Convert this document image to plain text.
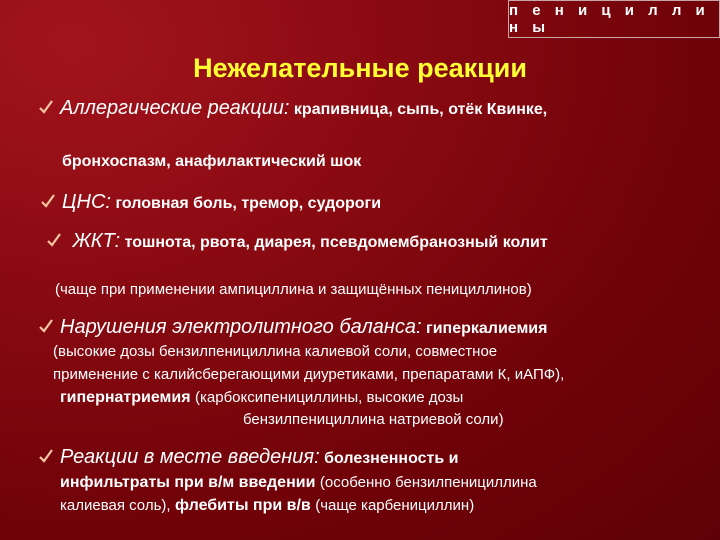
п е н и ц и л л и н ы
Нежелательные реакции
Аллергические реакции: крапивница, сыпь, отёк Квинке,
бронхоспазм, анафилактический шок
ЦНС: головная боль, тремор, судороги
ЖКТ: тошнота, рвота, диарея, псевдомембранозный колит
(чаще при применении ампициллина и защищённых пенициллинов)
Нарушения электролитного баланса: гиперкалиемия
(высокие дозы бензилпенициллина калиевой соли, совместное
применение с калийсберегающими диуретиками, препаратами К, иАПФ),
гипернатриемия (карбоксипенициллины, высокие дозы
бензилпенициллина натриевой соли)
Реакции в месте введения: болезненность и
инфильтраты при в/м введении (особенно бензилпенициллина
калиевая соль), флебиты при в/в (чаще карбенициллин)
